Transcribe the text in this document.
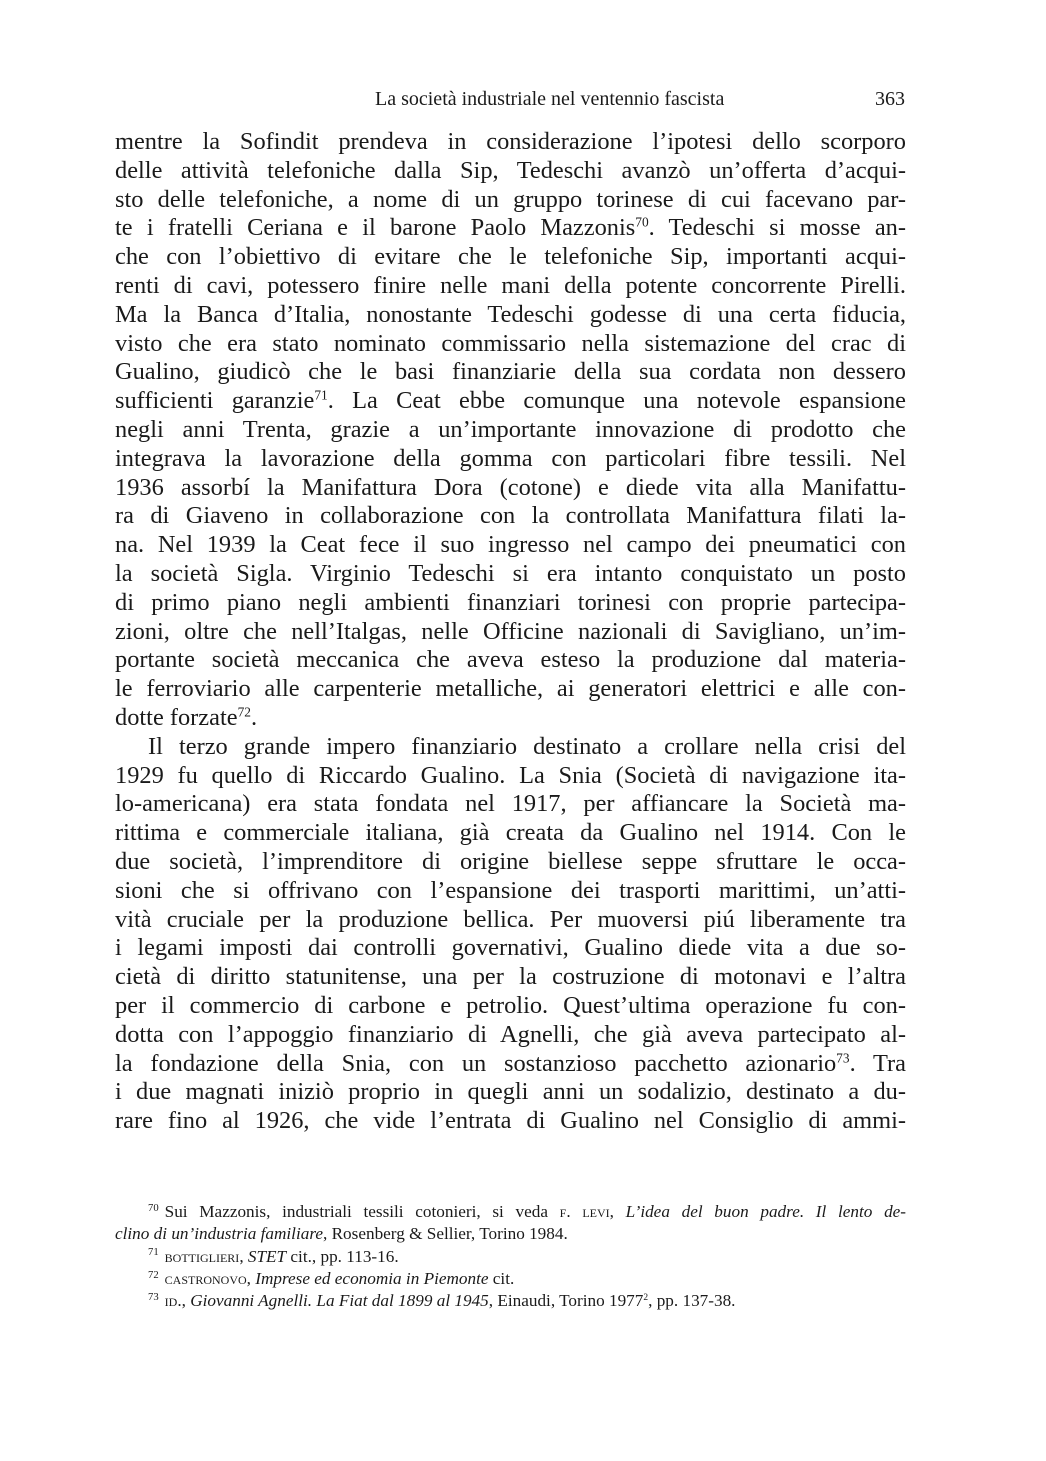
La società industriale nel ventennio fascista	363
mentre la Sofindit prendeva in considerazione l’ipotesi dello scorporo
delle attività telefoniche dalla Sip, Tedeschi avanzò un’offerta d’acqui-
sto delle telefoniche, a nome di un gruppo torinese di cui facevano par-
te i fratelli Ceriana e il barone Paolo Mazzonis$^{70}$. Tedeschi si mosse an-
che con l’obiettivo di evitare che le telefoniche Sip, importanti acqui-
renti di cavi, potessero finire nelle mani della potente concorrente Pirelli.
Ma la Banca d’Italia, nonostante Tedeschi godesse di una certa fiducia,
visto che era stato nominato commissario nella sistemazione del crac di
Gualino, giudicò che le basi finanziarie della sua cordata non dessero
sufficienti garanzie$^{71}$. La Ceat ebbe comunque una notevole espansione
negli anni Trenta, grazie a un’importante innovazione di prodotto che
integrava la lavorazione della gomma con particolari fibre tessili. Nel
1936 assorbí la Manifattura Dora (cotone) e diede vita alla Manifattu-
ra di Giaveno in collaborazione con la controllata Manifattura filati la-
na. Nel 1939 la Ceat fece il suo ingresso nel campo dei pneumatici con
la società Sigla. Virginio Tedeschi si era intanto conquistato un posto
di primo piano negli ambienti finanziari torinesi con proprie partecipa-
zioni, oltre che nell’Italgas, nelle Officine nazionali di Savigliano, un’im-
portante società meccanica che aveva esteso la produzione dal materia-
le ferroviario alle carpenterie metalliche, ai generatori elettrici e alle con-
dotte forzate$^{72}$.
Il terzo grande impero finanziario destinato a crollare nella crisi del
1929 fu quello di Riccardo Gualino. La Snia (Società di navigazione ita-
lo-americana) era stata fondata nel 1917, per affiancare la Società ma-
rittima e commerciale italiana, già creata da Gualino nel 1914. Con le
due società, l’imprenditore di origine biellese seppe sfruttare le occa-
sioni che si offrivano con l’espansione dei trasporti marittimi, un’atti-
vità cruciale per la produzione bellica. Per muoversi piú liberamente tra
i legami imposti dai controlli governativi, Gualino diede vita a due so-
cietà di diritto statunitense, una per la costruzione di motonavi e l’altra
per il commercio di carbone e petrolio. Quest’ultima operazione fu con-
dotta con l’appoggio finanziario di Agnelli, che già aveva partecipato al-
la fondazione della Snia, con un sostanzioso pacchetto azionario$^{73}$. Tra
i due magnati iniziò proprio in quegli anni un sodalizio, destinato a du-
rare fino al 1926, che vide l’entrata di Gualino nel Consiglio di ammi-
$^{70}$ Sui Mazzonis, industriali tessili cotonieri, si veda f. levi, L’idea del buon padre. Il lento de-
clino di un’industria familiare, Rosenberg & Sellier, Torino 1984.
$^{71}$ bottiglieri, STET cit., pp. 113-16.
$^{72}$ castronovo, Imprese ed economia in Piemonte cit.
$^{73}$ id., Giovanni Agnelli. La Fiat dal 1899 al 1945, Einaudi, Torino 1977$^2$, pp. 137-38.
